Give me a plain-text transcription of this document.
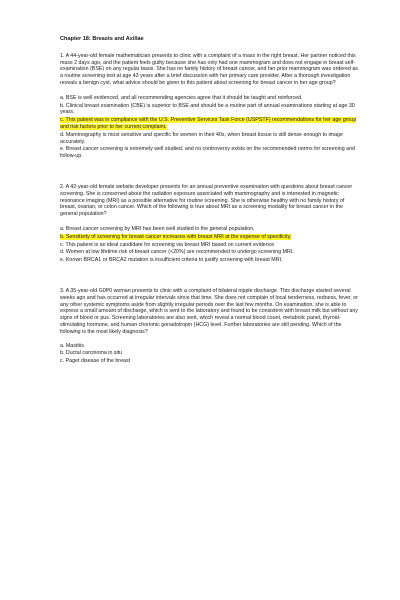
Chapter 18: Breasts and Axillae
1. A 44-year-old female mathematician presents to clinic with a complaint of a mass in the right breast. Her partner noticed this mass 2 days ago, and the patient feels guilty because she has only had one mammogram and does not engage in breast self-examination (BSE) on any regular basis. She has no family history of breast cancer, and her prior mammogram was ordered as a routine screening test at age 43 years after a brief discussion with her primary care provider. After a thorough investigation reveals a benign cyst, what advice should be given to this patient about screening for breast cancer in her age group?
a. BSE is well evidenced, and all recommending agencies agree that it should be taught and reinforced.
b. Clinical breast examination (CBE) is superior to BSE and should be a routine part of annual examinations starting at age 30 years.
c. This patient was in compliance with the U.S. Preventive Services Task Force (USPSTF) recommendations for her age group and risk factors prior to her current complaint.
d. Mammography is most sensitive and specific for women in their 40s, when breast tissue is still dense enough to image accurately.
e. Breast cancer screening is extremely well studied, and no controversy exists on the recommended norms for screening and follow-up.
2. A 42-year-old female website developer presents for an annual preventive examination with questions about breast cancer screening. She is concerned about the radiation exposure associated with mammography and is interested in magnetic resonance imaging (MRI) as a possible alternative for routine screening. She is otherwise healthy with no family history of breast, ovarian, or colon cancer. Which of the following is true about MRI as a screening modality for breast cancer in the general population?
a. Breast cancer screening by MRI has been well studied in the general population.
b. Sensitivity of screening for breast cancer increases with breast MRI at the expense of specificity.
c. This patient is an ideal candidate for screening via breast MRI based on current evidence
d. Women at low lifetime risk of breast cancer (<20%) are recommended to undergo screening MRI.
e. Known BRCA1 or BRCA2 mutation is insufficient criteria to justify screening with breast MRI.
3. A 35-year-old G0P0 woman presents to clinic with a complaint of bilateral nipple discharge. This discharge started several weeks ago and has occurred at irregular intervals since that time. She does not complain of local tenderness, redness, fever, or any other systemic symptoms aside from slightly irregular periods over the last few months. On examination, she is able to express a small amount of discharge, which is sent to the laboratory and found to be consistent with breast milk but without any signs of blood or pus. Screening laboratories are also sent, which reveal a normal blood count, metabolic panel, thyroid-stimulating hormone, and human chorionic gonadotropin (HCG) level. Further laboratories are still pending. Which of the following is the most likely diagnosis?
a. Mastitis
b. Ductal carcinoma in situ
c. Paget disease of the breast
